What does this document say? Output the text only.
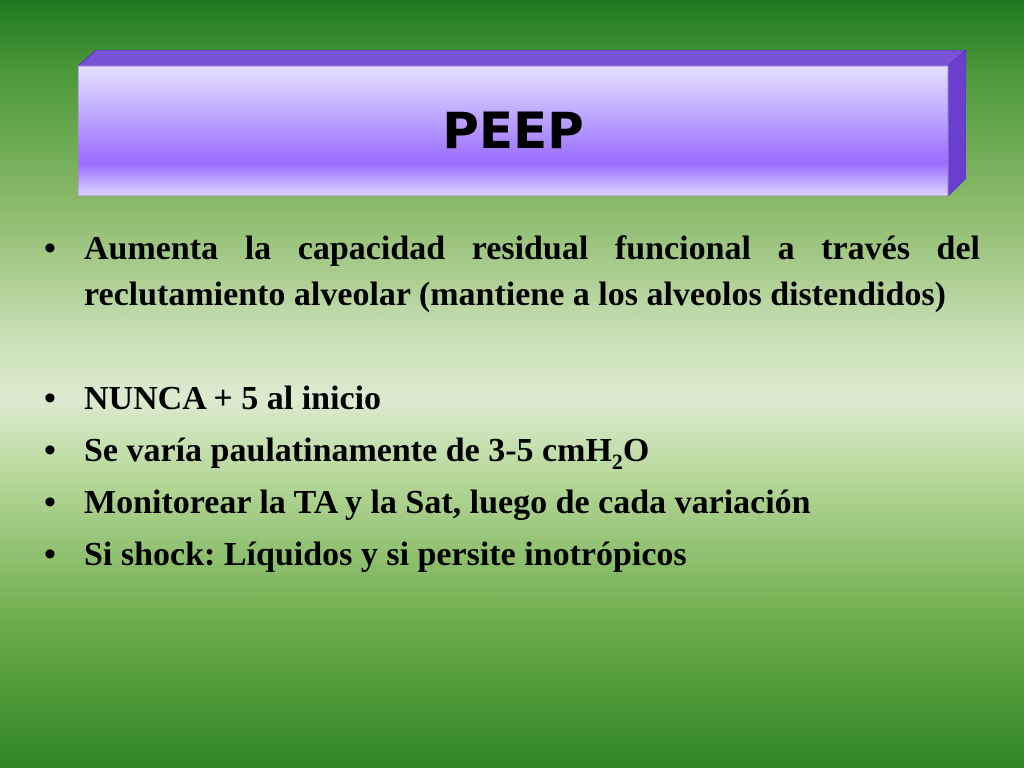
PEEP
• Aumenta la capacidad residual funcional a través del reclutamiento alveolar (mantiene a los alveolos distendidos)
• NUNCA + 5 al inicio
• Se varía paulatinamente de 3-5 cmH$_2$O
• Monitorear la TA y la Sat, luego de cada variación
• Si shock: Líquidos y si persite inotrópicos
